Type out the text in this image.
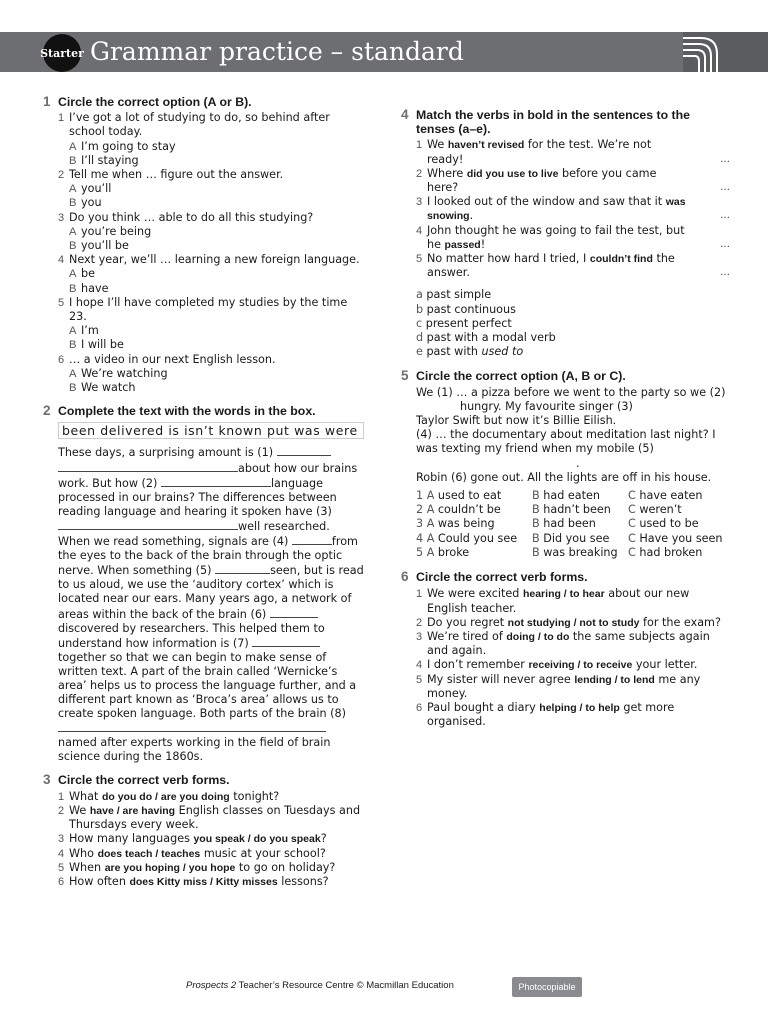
Starter Grammar practice – standard

1 Circle the correct option (A or B).

1 I’ve got a lot of studying to do, so behind after school today.

A I’m going to stay

B I’ll staying

2 Tell me when … figure out the answer.

A you’ll

B you

3 Do you think … able to do all this studying?

A you’re being

B you’ll be

4 Next year, we’ll … learning a new foreign language.

A be

B have

5 I hope I’ll have completed my studies by the time 23.

A I’m

B I will be

6 … a video in our next English lesson.

A We’re watching

B We watch

2 Complete the text with the words in the box.

been delivered is isn’t known put was were

These days, a surprising amount is (1)  about how our brains work. But how (2)	language processed in our brains? The differences between reading language and hearing it spoken have (3) well researched. When we read something, signals are (4)	from the eyes to the back of the brain through the optic nerve. When something (5)	seen, but is read to us aloud, we use the ‘auditory cortex’ which is located near our ears. Many years ago, a network of areas within the back of the brain (6)  discovered by researchers. This helped them to understand how information is (7) together so that we can begin to make sense of written text. A part of the brain called ‘Wernicke’s area’ helps us to process the language further, and a different part known as ‘Broca’s area’ allows us to create spoken language. Both parts of the brain (8)  named after experts working in the field of brain science during the 1860s.

3 Circle the correct verb forms.

1 What do you do / are you doing tonight?

2 We have / are having English classes on Tuesdays and Thursdays every week.

3 How many languages you speak / do you speak?

4 Who does teach / teaches music at your school?

5 When are you hoping / you hope to go on holiday?

6 How often does Kitty miss / Kitty misses lessons?

4 Match the verbs in bold in the sentences to the tenses (a–e).

1 We haven’t revised for the test. We’re not ready!	…

2 Where did you use to live before you came here?	…

3 I looked out of the window and saw that it was snowing.	…

4 John thought he was going to fail the test, but he passed!	…

5 No matter how hard I tried, I couldn’t find the answer.	…

a past simple

b past continuous

c present perfect

d past with a modal verb

e past with used to

5 Circle the correct option (A, B or C).

We (1) … a pizza before we went to the party so we (2)
hungry. My favourite singer (3) Taylor Swift but now it’s Billie Eilish.
(4) … the documentary about meditation last night? I was texting my friend when my mobile (5) .
Robin (6) gone out. All the lights are off in his house.

1 A used to eat	B had eaten	C have eaten
2 A couldn’t be	B hadn’t been	C weren’t
3 A was being	B had been	C used to be
4 A Could you see	B Did you see	C Have you seen
5 A broke	B was breaking	C had broken

6 Circle the correct verb forms.

1 We were excited hearing / to hear about our new English teacher.

2 Do you regret not studying / not to study for the exam?

3 We’re tired of doing / to do the same subjects again and again.

4 I don’t remember receiving / to receive your letter.

5 My sister will never agree lending / to lend me any money.

6 Paul bought a diary helping / to help get more organised.

Prospects 2 Teacher’s Resource Centre © Macmillan Education	Photocopiable
